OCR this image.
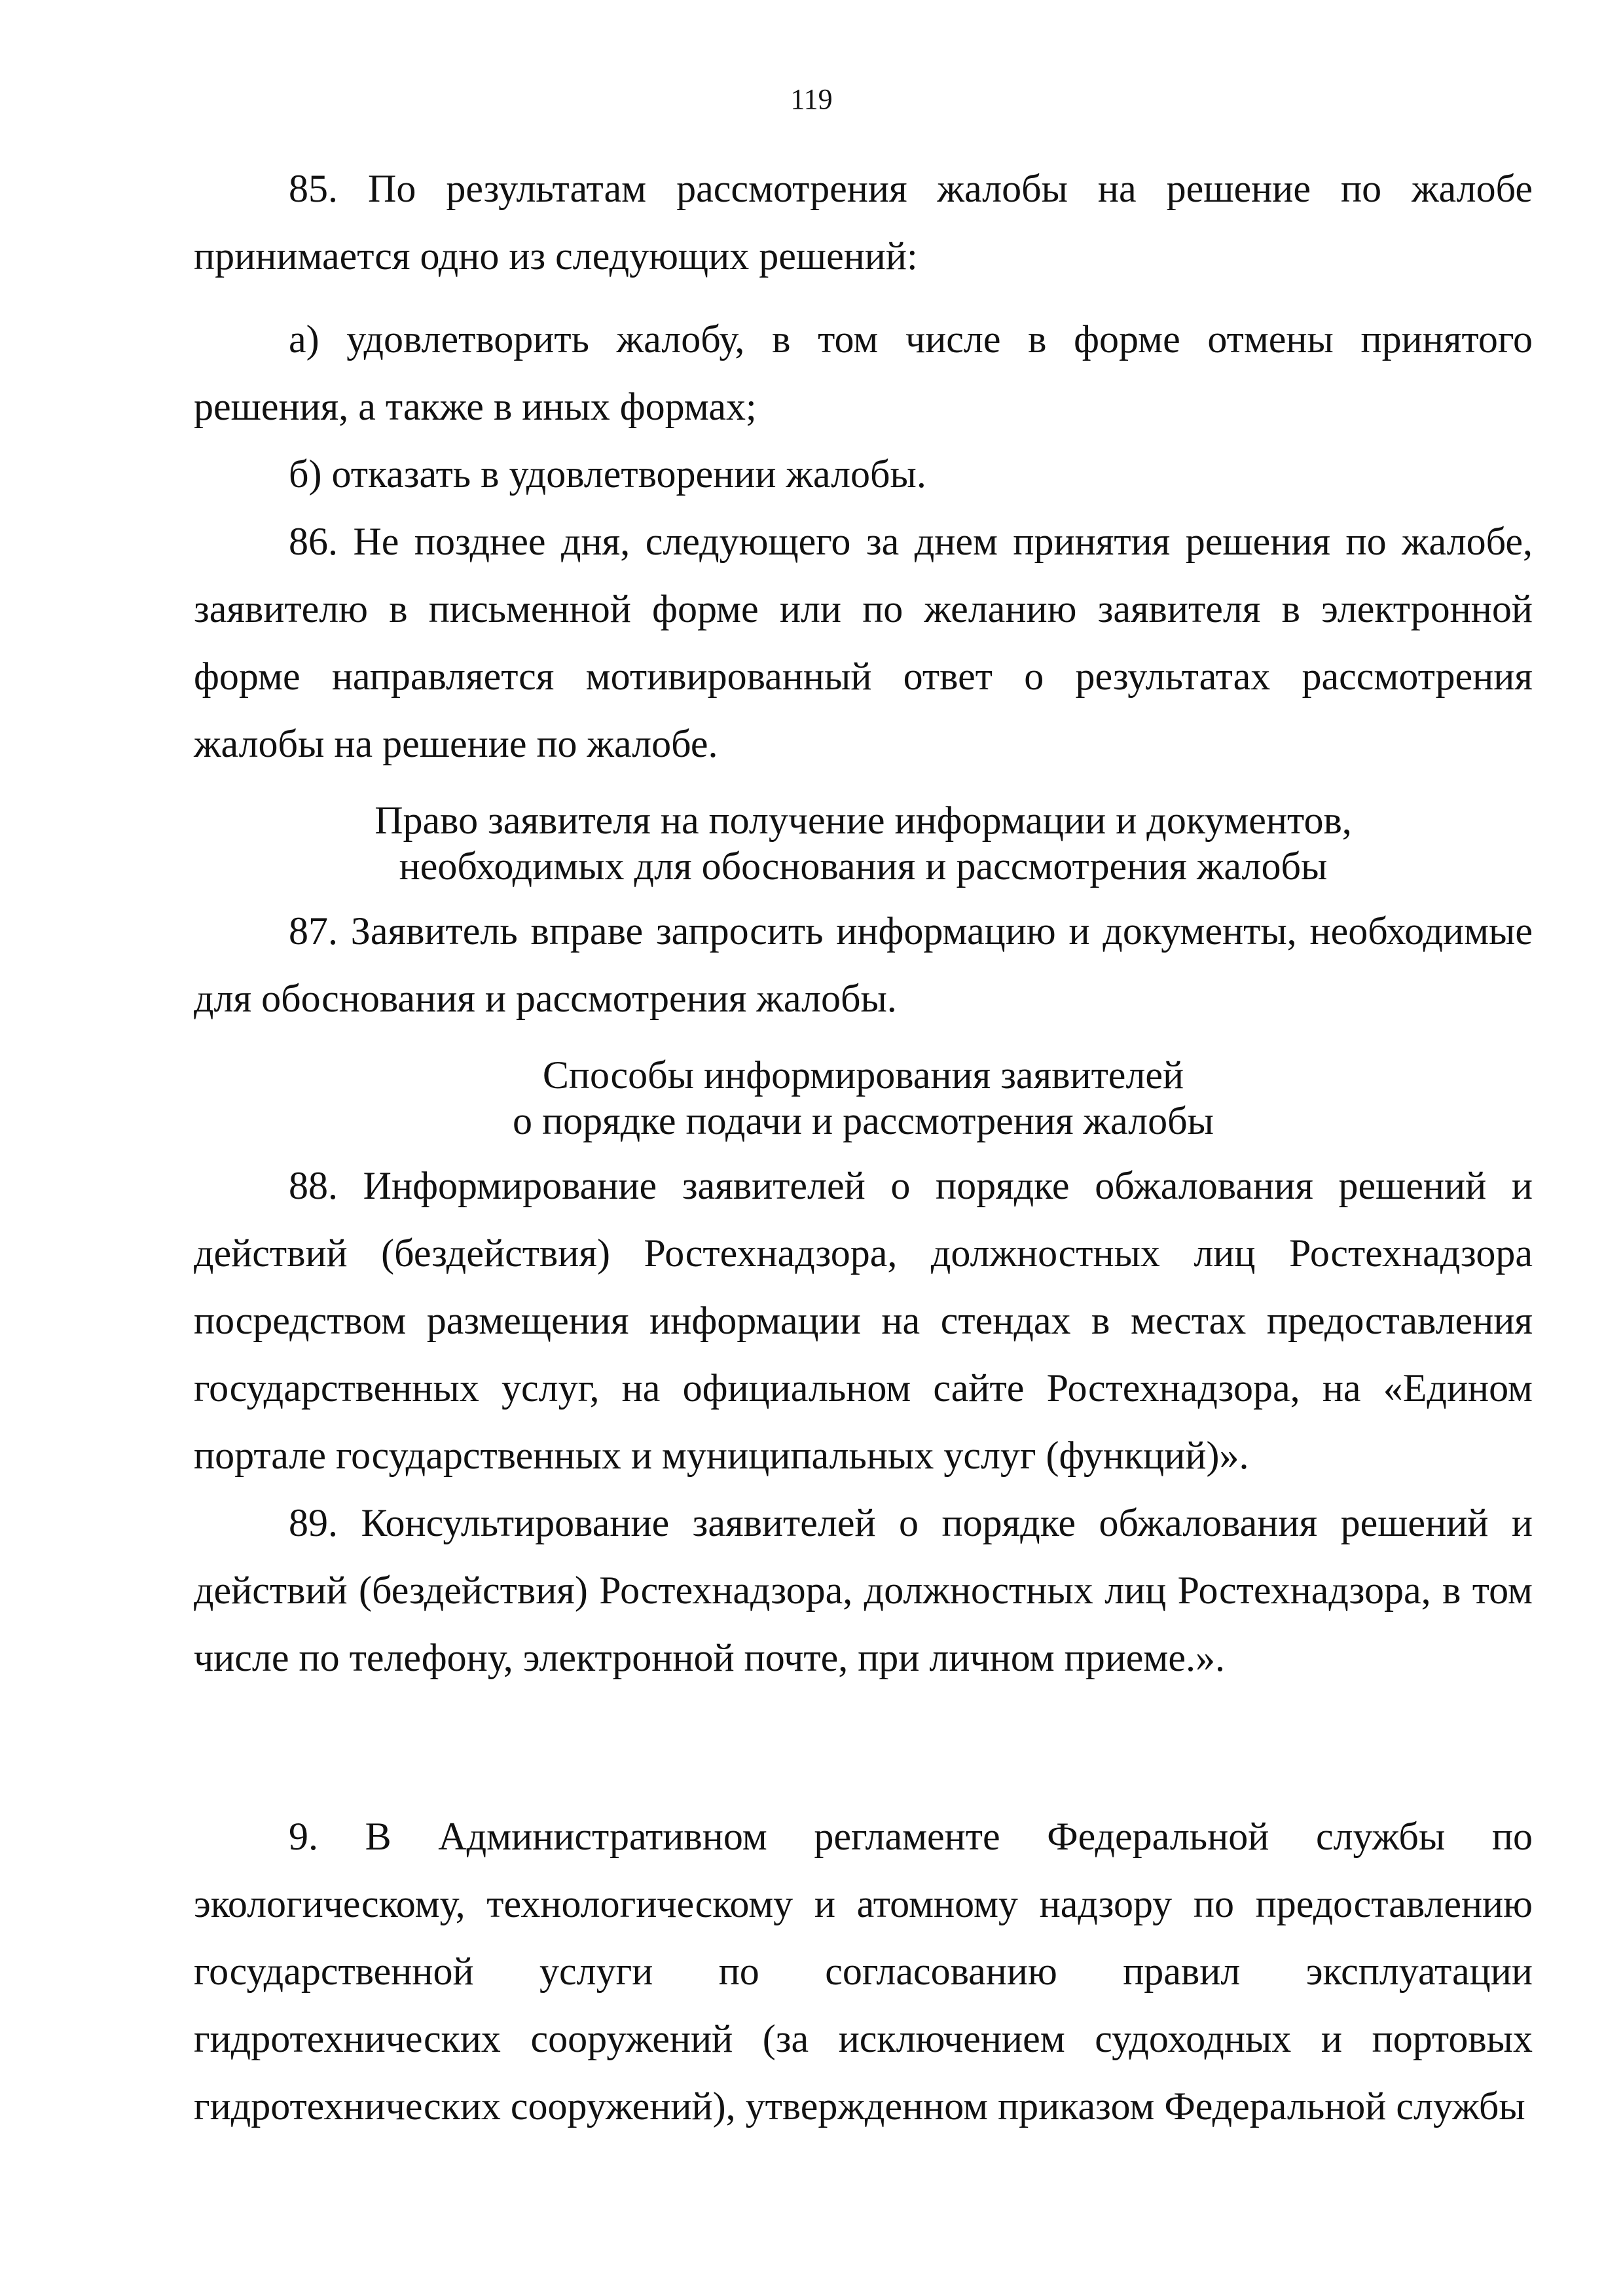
119

85. По результатам рассмотрения жалобы на решение по жалобе принимается одно из следующих решений:

а) удовлетворить жалобу, в том числе в форме отмены принятого решения, а также в иных формах;

б) отказать в удовлетворении жалобы.

86. Не позднее дня, следующего за днем принятия решения по жалобе, заявителю в письменной форме или по желанию заявителя в электронной форме направляется мотивированный ответ о результатах рассмотрения жалобы на решение по жалобе.

Право заявителя на получение информации и документов,
необходимых для обоснования и рассмотрения жалобы

87. Заявитель вправе запросить информацию и документы, необходимые для обоснования и рассмотрения жалобы.

Способы информирования заявителей
о порядке подачи и рассмотрения жалобы

88. Информирование заявителей о порядке обжалования решений и действий (бездействия) Ростехнадзора, должностных лиц Ростехнадзора посредством размещения информации на стендах в местах предоставления государственных услуг, на официальном сайте Ростехнадзора, на «Едином портале государственных и муниципальных услуг (функций)».

89. Консультирование заявителей о порядке обжалования решений и действий (бездействия) Ростехнадзора, должностных лиц Ростехнадзора, в том числе по телефону, электронной почте, при личном приеме.».

9. В Административном регламенте Федеральной службы по экологическому, технологическому и атомному надзору по предоставлению государственной услуги по согласованию правил эксплуатации гидротехнических сооружений (за исключением судоходных и портовых гидротехнических сооружений), утвержденном приказом Федеральной службы
